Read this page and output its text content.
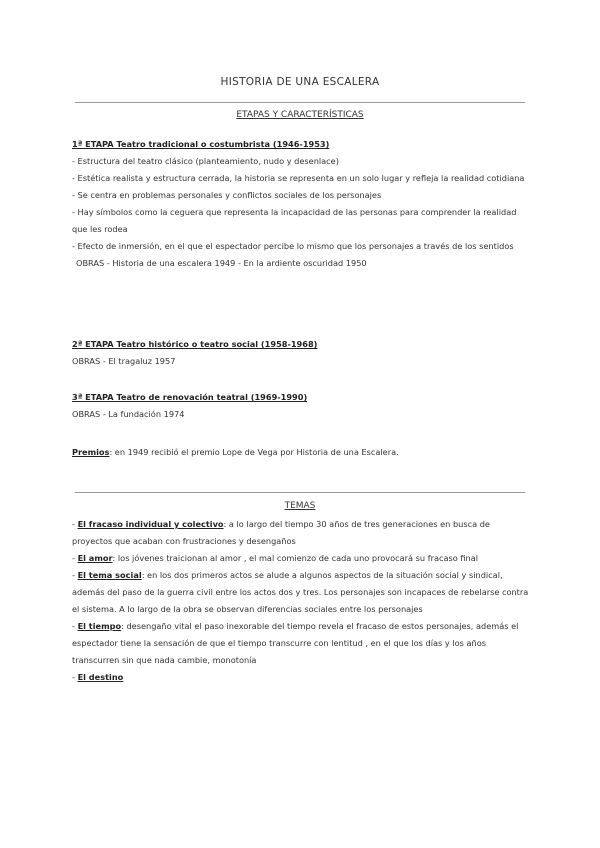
HISTORIA DE UNA ESCALERA
ETAPAS Y CARACTERÍSTICAS

1ª ETAPA Teatro tradicional o costumbrista (1946-1953)

- Estructura del teatro clásico (planteamiento, nudo y desenlace)

- Estética realista y estructura cerrada, la historia se representa en un solo lugar y refleja la realidad cotidiana

- Se centra en problemas personales y conflictos sociales de los personajes

- Hay símbolos como la ceguera que representa la incapacidad de las personas para comprender la realidad que les rodea

- Efecto de inmersión, en el que el espectador percibe lo mismo que los personajes a través de los sentidos

OBRAS - Historia de una escalera 1949 - En la ardiente oscuridad 1950

2ª ETAPA Teatro histórico o teatro social (1958-1968)

OBRAS - El tragaluz 1957

3ª ETAPA Teatro de renovación teatral (1969-1990)

OBRAS - La fundación 1974

Premios: en 1949 recibió el premio Lope de Vega por Historia de una Escalera.

TEMAS

- El fracaso individual y colectivo: a lo largo del tiempo 30 años de tres generaciones en busca de proyectos que acaban con frustraciones y desengaños

- El amor: los jóvenes traicionan al amor , el mal comienzo de cada uno provocará su fracaso final

- El tema social: en los dos primeros actos se alude a algunos aspectos de la situación social y sindical, además del paso de la guerra civil entre los actos dos y tres. Los personajes son incapaces de rebelarse contra el sistema. A lo largo de la obra se observan diferencias sociales entre los personajes

- El tiempo: desengaño vital el paso inexorable del tiempo revela el fracaso de estos personajes, además el espectador tiene la sensación de que el tiempo transcurre con lentitud , en el que los días y los años transcurren sin que nada cambie, monotonía

- El destino
